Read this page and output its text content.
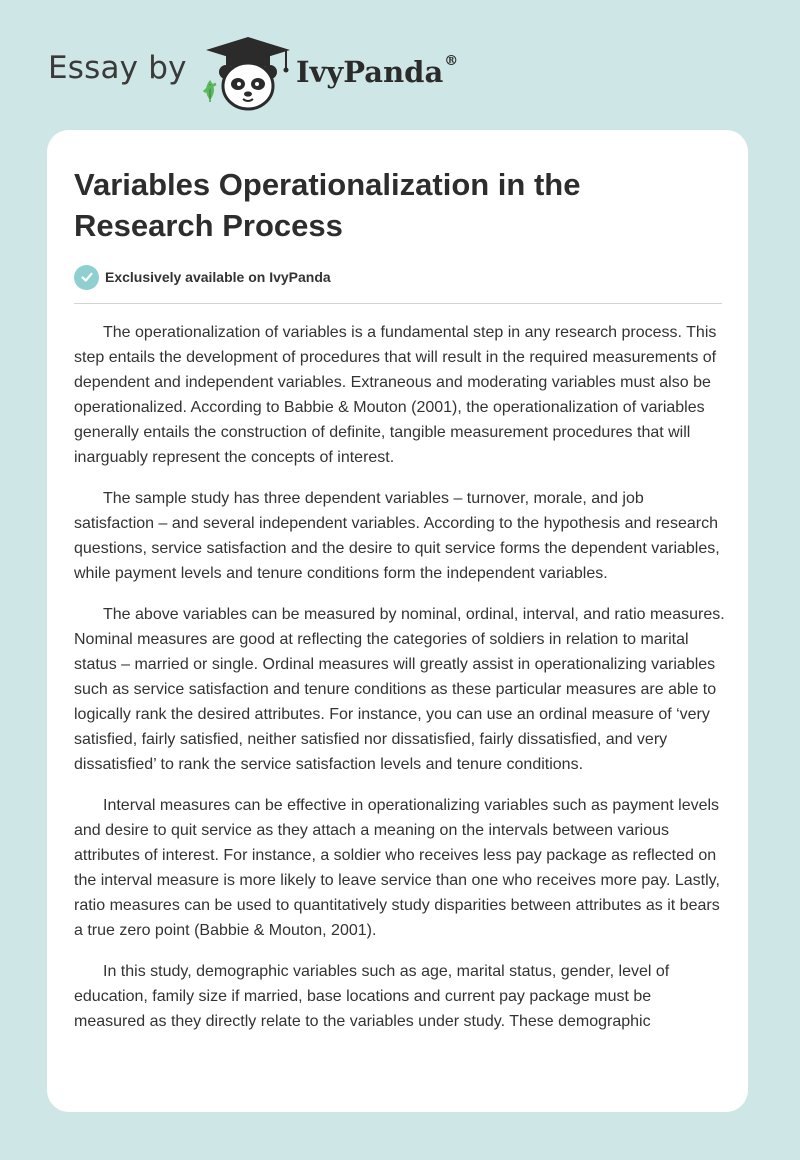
Essay by	IvyPanda®
Variables Operationalization in the Research Process
Exclusively available on IvyPanda

The operationalization of variables is a fundamental step in any research process. This step entails the development of procedures that will result in the required measurements of dependent and independent variables. Extraneous and moderating variables must also be operationalized. According to Babbie & Mouton (2001), the operationalization of variables generally entails the construction of definite, tangible measurement procedures that will inarguably represent the concepts of interest.

The sample study has three dependent variables – turnover, morale, and job satisfaction – and several independent variables. According to the hypothesis and research questions, service satisfaction and the desire to quit service forms the dependent variables, while payment levels and tenure conditions form the independent variables.

The above variables can be measured by nominal, ordinal, interval, and ratio measures. Nominal measures are good at reflecting the categories of soldiers in relation to marital status – married or single. Ordinal measures will greatly assist in operationalizing variables such as service satisfaction and tenure conditions as these particular measures are able to logically rank the desired attributes. For instance, you can use an ordinal measure of ‘very satisfied, fairly satisfied, neither satisfied nor dissatisfied, fairly dissatisfied, and very dissatisfied’ to rank the service satisfaction levels and tenure conditions.

Interval measures can be effective in operationalizing variables such as payment levels and desire to quit service as they attach a meaning on the intervals between various attributes of interest. For instance, a soldier who receives less pay package as reflected on the interval measure is more likely to leave service than one who receives more pay. Lastly, ratio measures can be used to quantitatively study disparities between attributes as it bears a true zero point (Babbie & Mouton, 2001).

In this study, demographic variables such as age, marital status, gender, level of education, family size if married, base locations and current pay package must be measured as they directly relate to the variables under study. These demographic
